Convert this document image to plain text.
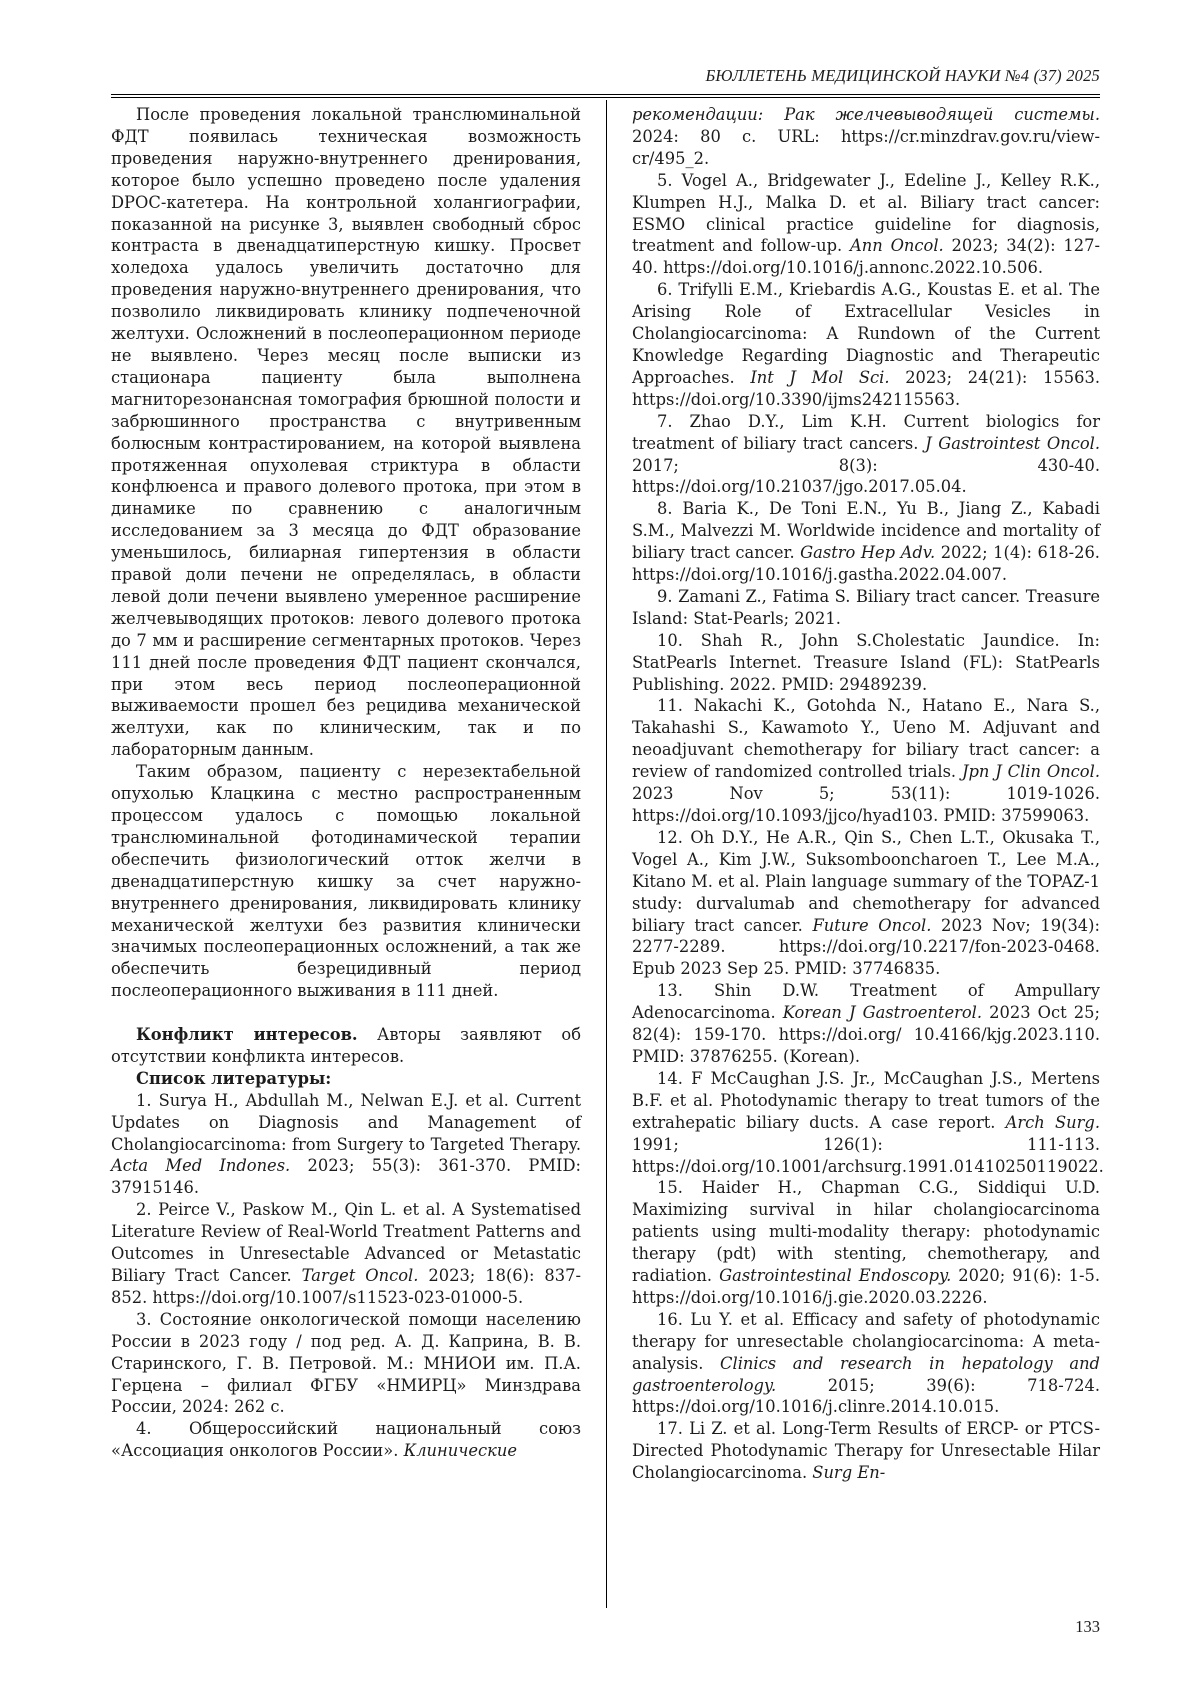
БЮЛЛЕТЕНЬ МЕДИЦИНСКОЙ НАУКИ №4 (37) 2025

После проведения локальной транслюминальной ФДТ появилась техническая возможность проведения наружно-внутреннего дренирования, которое было успешно проведено после удаления DPOC-катетера. На контрольной холангиографии, показанной на рисунке 3, выявлен свободный сброс контраста в двенадцатиперстную кишку. Просвет холедоха удалось увеличить достаточно для проведения наружно-внутреннего дренирования, что позволило ликвидировать клинику подпеченочной желтухи. Осложнений в послеоперационном периоде не выявлено. Через месяц после выписки из стационара пациенту была выполнена магниторезонансная томография брюшной полости и забрюшинного пространства с внутривенным болюсным контрастированием, на которой выявлена протяженная опухолевая стриктура в области конфлюенса и правого долевого протока, при этом в динамике по сравнению с аналогичным исследованием за 3 месяца до ФДТ образование уменьшилось, билиарная гипертензия в области правой доли печени не определялась, в области левой доли печени выявлено умеренное расширение желчевыводящих протоков: левого долевого протока до 7 мм и расширение сегментарных протоков. Через 111 дней после проведения ФДТ пациент скончался, при этом весь период послеоперационной выживаемости прошел без рецидива механической желтухи, как по клиническим, так и по лабораторным данным.

Таким образом, пациенту с нерезектабельной опухолью Клацкина с местно распространенным процессом удалось с помощью локальной транслюминальной фотодинамической терапии обеспечить физиологический отток желчи в двенадцатиперстную кишку за счет наружно-внутреннего дренирования, ликвидировать клинику механической желтухи без развития клинически значимых послеоперационных осложнений, а так же обеспечить безрецидивный период послеоперационного выживания в 111 дней.

Конфликт интересов. Авторы заявляют об отсутствии конфликта интересов.

Список литературы:

1. Surya H., Abdullah M., Nelwan E.J. et al. Current Updates on Diagnosis and Management of Cholangiocarcinoma: from Surgery to Targeted Therapy. Acta Med Indones. 2023; 55(3): 361-370. PMID: 37915146.

2. Peirce V., Paskow M., Qin L. et al. A Systematised Literature Review of Real-World Treatment Patterns and Outcomes in Unresectable Advanced or Metastatic Biliary Tract Cancer. Target Oncol. 2023; 18(6): 837-852. https://doi.org/10.1007/s11523-023-01000-5.

3. Состояние онкологической помощи населению России в 2023 году / под ред. А. Д. Каприна, В. В. Старинского, Г. В. Петровой. М.: МНИОИ им. П.А. Герцена – филиал ФГБУ «НМИРЦ» Минздрава России, 2024: 262 с.

4. Общероссийский национальный союз «Ассоциация онкологов России». Клинические

рекомендации: Рак желчевыводящей системы. 2024: 80 с. URL: https://cr.minzdrav.gov.ru/view-cr/495_2.

5. Vogel A., Bridgewater J., Edeline J., Kelley R.K., Klumpen H.J., Malka D. et al. Biliary tract cancer: ESMO clinical practice guideline for diagnosis, treatment and follow-up. Ann Oncol. 2023; 34(2): 127-40. https://doi.org/10.1016/j.annonc.2022.10.506.

6. Trifylli E.M., Kriebardis A.G., Koustas E. et al. The Arising Role of Extracellular Vesicles in Cholangiocarcinoma: A Rundown of the Current Knowledge Regarding Diagnostic and Therapeutic Approaches. Int J Mol Sci. 2023; 24(21): 15563. https://doi.org/10.3390/ijms242115563.

7. Zhao D.Y., Lim K.H. Current biologics for treatment of biliary tract cancers. J Gastrointest Oncol. 2017; 8(3): 430-40. https://doi.org/10.21037/jgo.2017.05.04.

8. Baria K., De Toni E.N., Yu B., Jiang Z., Kabadi S.M., Malvezzi M. Worldwide incidence and mortality of biliary tract cancer. Gastro Hep Adv. 2022; 1(4): 618-26. https://doi.org/10.1016/j.gastha.2022.04.007.

9. Zamani Z., Fatima S. Biliary tract cancer. Treasure Island: Stat-Pearls; 2021.

10. Shah R., John S.Cholestatic Jaundice. In: StatPearls Internet. Treasure Island (FL): StatPearls Publishing. 2022. PMID: 29489239.

11. Nakachi K., Gotohda N., Hatano E., Nara S., Takahashi S., Kawamoto Y., Ueno M. Adjuvant and neoadjuvant chemotherapy for biliary tract cancer: a review of randomized controlled trials. Jpn J Clin Oncol. 2023 Nov 5; 53(11): 1019-1026. https://doi.org/10.1093/jjco/hyad103. PMID: 37599063.

12. Oh D.Y., He A.R., Qin S., Chen L.T., Okusaka T., Vogel A., Kim J.W., Suksombooncharoen T., Lee M.A., Kitano M. et al. Plain language summary of the TOPAZ-1 study: durvalumab and chemotherapy for advanced biliary tract cancer. Future Oncol. 2023 Nov; 19(34): 2277-2289. https://doi.org/10.2217/fon-2023-0468. Epub 2023 Sep 25. PMID: 37746835.

13. Shin D.W. Treatment of Ampullary Adenocarcinoma. Korean J Gastroenterol. 2023 Oct 25; 82(4): 159-170. https://doi.org/ 10.4166/kjg.2023.110. PMID: 37876255. (Korean).

14. F McCaughan J.S. Jr., McCaughan J.S., Mertens B.F. et al. Photodynamic therapy to treat tumors of the extrahepatic biliary ducts. A case report. Arch Surg. 1991; 126(1): 111-113. https://doi.org/10.1001/archsurg.1991.01410250119022.

15. Haider H., Chapman C.G., Siddiqui U.D. Maximizing survival in hilar cholangiocarcinoma patients using multi-modality therapy: photodynamic therapy (pdt) with stenting, chemotherapy, and radiation. Gastrointestinal Endoscopy. 2020; 91(6): 1-5. https://doi.org/10.1016/j.gie.2020.03.2226.

16. Lu Y. et al. Efficacy and safety of photodynamic therapy for unresectable cholangiocarcinoma: A meta-analysis. Clinics and research in hepatology and gastroenterology. 2015; 39(6): 718-724. https://doi.org/10.1016/j.clinre.2014.10.015.

17. Li Z. et al. Long-Term Results of ERCP- or PTCS-Directed Photodynamic Therapy for Unresectable Hilar Cholangiocarcinoma. Surg En-

133
